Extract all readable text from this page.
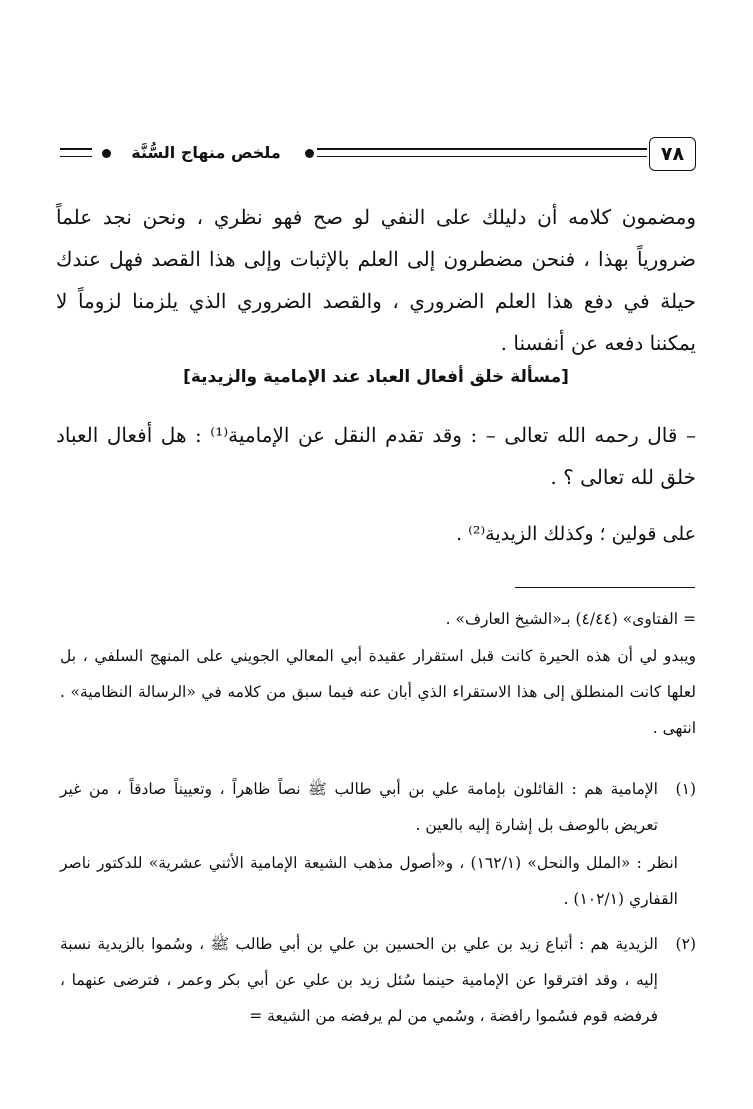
٧٨
ملخص منهاج السُّنَّة
ومضمون كلامه أن دليلك على النفي لو صح فهو نظري ، ونحن نجد علماً ضرورياً بهذا ، فنحن مضطرون إلى العلم بالإثبات وإلى هذا القصد فهل عندك حيلة في دفع هذا العلم الضروري ، والقصد الضروري الذي يلزمنا لزوماً لا يمكننا دفعه عن أنفسنا .
[مسألة خلق أفعال العباد عند الإمامية والزيدية]
– قال رحمه الله تعالى – : وقد تقدم النقل عن الإمامية⁽¹⁾ : هل أفعال العباد خلق لله تعالى ؟ .
على قولين ؛ وكذلك الزيدية⁽²⁾ .
= الفتاوى» (٤/٤٤) بـ«الشيخ العارف» .
ويبدو لي أن هذه الحيرة كانت قبل استقرار عقيدة أبي المعالي الجويني على المنهج السلفي ، بل لعلها كانت المنطلق إلى هذا الاستقراء الذي أبان عنه فيما سبق من كلامه في «الرسالة النظامية» . انتهى .
(١)
الإمامية هم : القائلون بإمامة علي بن أبي طالب ﷺ نصاً ظاهراً ، وتعييناً صادقاً ، من غير تعريض بالوصف بل إشارة إليه بالعين .
انظر : «الملل والنحل» (١٦٢/١) ، و«أصول مذهب الشيعة الإمامية الأثني عشرية» للدكتور ناصر القفاري (١٠٢/١) .
(٢)
الزيدية هم : أتباع زيد بن علي بن الحسين بن علي بن أبي طالب ﷺ ، وسُموا بالزيدية نسبة إليه ، وقد افترقوا عن الإمامية حينما سُئل زيد بن علي عن أبي بكر وعمر ، فترضى عنهما ، فرفضه قوم فسُموا رافضة ، وسُمي من لم يرفضه من الشيعة =
